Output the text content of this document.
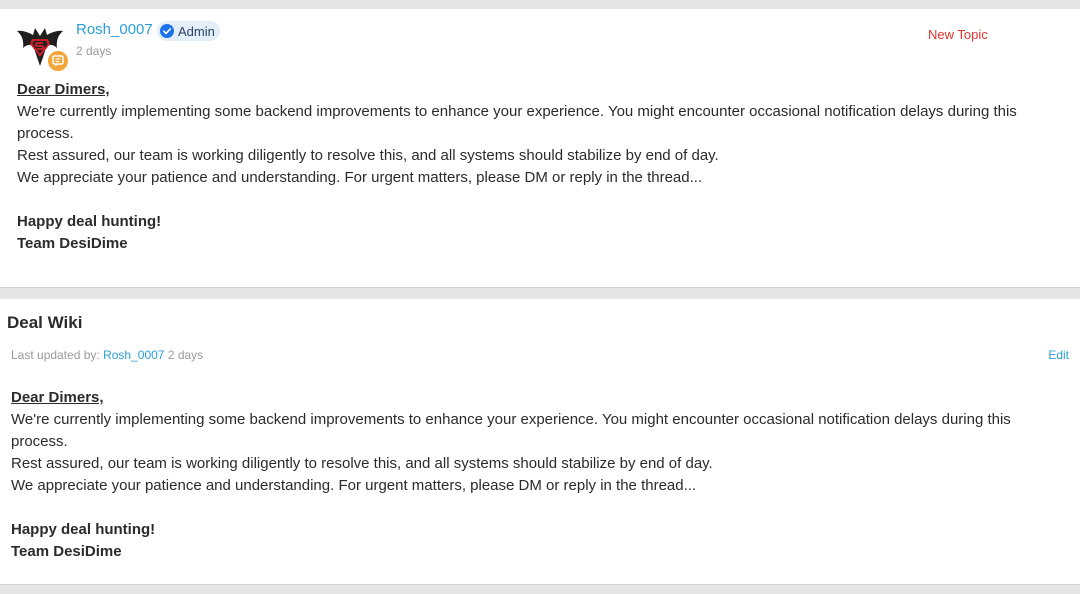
Rosh_0007 Admin
2 days
New Topic

Dear Dimers,

We're currently implementing some backend improvements to enhance your experience. You might encounter occasional notification delays during this process.

Rest assured, our team is working diligently to resolve this, and all systems should stabilize by end of day.

We appreciate your patience and understanding. For urgent matters, please DM or reply in the thread...

Happy deal hunting!

Team DesiDime

Deal Wiki
Last updated by: Rosh_0007 2 days	Edit

Dear Dimers,

We're currently implementing some backend improvements to enhance your experience. You might encounter occasional notification delays during this process.

Rest assured, our team is working diligently to resolve this, and all systems should stabilize by end of day.

We appreciate your patience and understanding. For urgent matters, please DM or reply in the thread...

Happy deal hunting!

Team DesiDime
